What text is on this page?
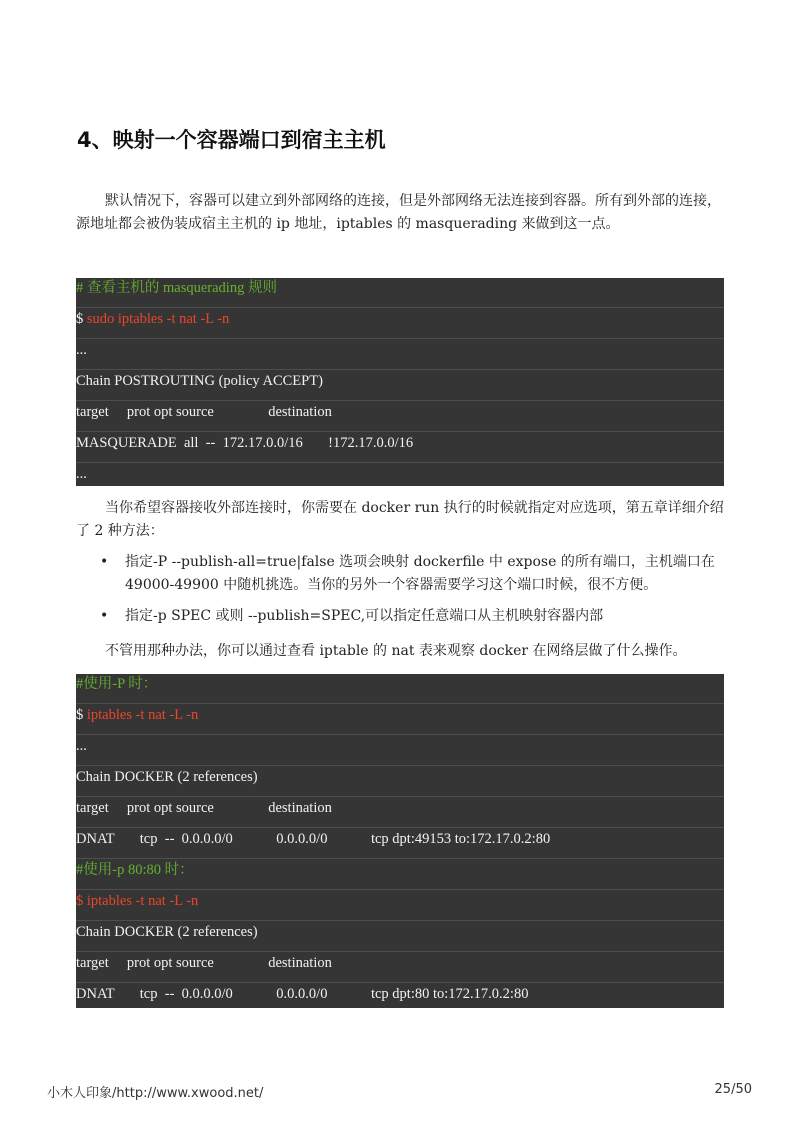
4、映射一个容器端口到宿主主机

默认情况下，容器可以建立到外部网络的连接，但是外部网络无法连接到容器。所有到外部的连接，源地址都会被伪装成宿主主机的 ip 地址，iptables 的 masquerading 来做到这一点。

# 查看主机的 masquerading 规则
$ sudo iptables -t nat -L -n
...
Chain POSTROUTING (policy ACCEPT)
target     prot opt source               destination
MASQUERADE  all  --  172.17.0.0/16       !172.17.0.0/16
...

当你希望容器接收外部连接时，你需要在 docker run 执行的时候就指定对应选项，第五章详细介绍了 2 种方法：

• 指定-P --publish-all=true|false 选项会映射 dockerfile 中 expose 的所有端口，主机端口在 49000-49900 中随机挑选。当你的另外一个容器需要学习这个端口时候，很不方便。
• 指定-p SPEC 或则 --publish=SPEC,可以指定任意端口从主机映射容器内部

不管用那种办法，你可以通过查看 iptable 的 nat 表来观察 docker 在网络层做了什么操作。

#使用-P 时：
$ iptables -t nat -L -n
...
Chain DOCKER (2 references)
target     prot opt source               destination
DNAT       tcp  --  0.0.0.0/0            0.0.0.0/0            tcp dpt:49153 to:172.17.0.2:80
#使用-p 80:80 时：
$ iptables -t nat -L -n
Chain DOCKER (2 references)
target     prot opt source               destination
DNAT       tcp  --  0.0.0.0/0            0.0.0.0/0            tcp dpt:80 to:172.17.0.2:80
小木人印象/http://www.xwood.net/	25/50
